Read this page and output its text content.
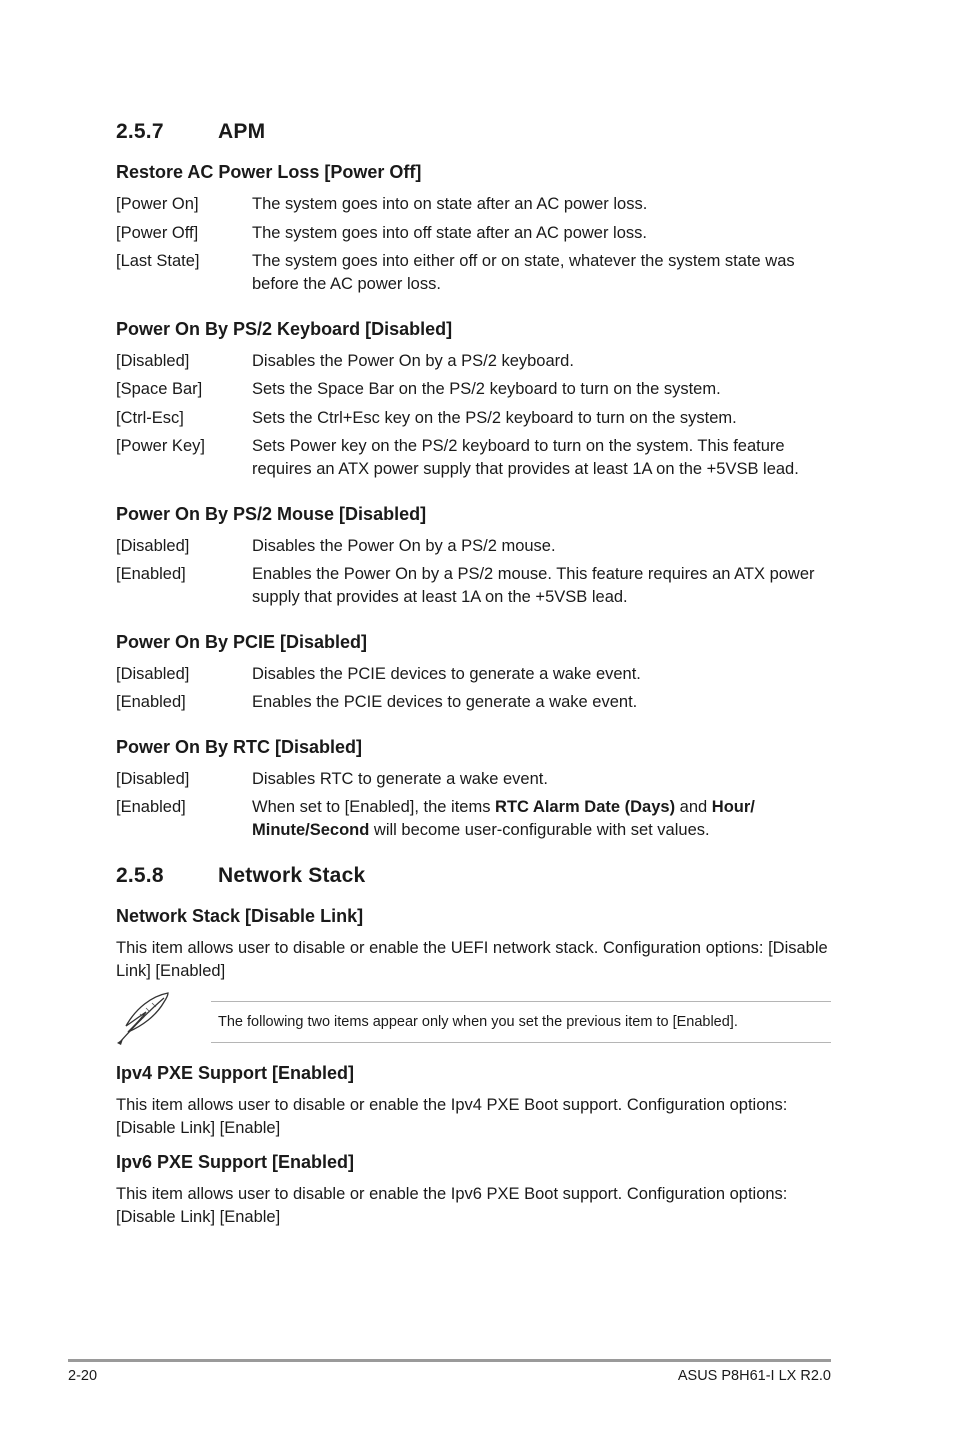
2.5.7	APM
Restore AC Power Loss [Power Off]
[Power On]	The system goes into on state after an AC power loss.
[Power Off]	The system goes into off state after an AC power loss.
[Last State]	The system goes into either off or on state, whatever the system state was before the AC power loss.
Power On By PS/2 Keyboard [Disabled]
[Disabled]	Disables the Power On by a PS/2 keyboard.
[Space Bar]	Sets the Space Bar on the PS/2 keyboard to turn on the system.
[Ctrl-Esc]	Sets the Ctrl+Esc key on the PS/2 keyboard to turn on the system.
[Power Key]	Sets Power key on the PS/2 keyboard to turn on the system. This feature requires an ATX power supply that provides at least 1A on the +5VSB lead.
Power On By PS/2 Mouse [Disabled]
[Disabled]	Disables the Power On by a PS/2 mouse.
[Enabled]	Enables the Power On by a PS/2 mouse. This feature requires an ATX power supply that provides at least 1A on the +5VSB lead.
Power On By PCIE [Disabled]
[Disabled]	Disables the PCIE devices to generate a wake event.
[Enabled]	Enables the PCIE devices to generate a wake event.
Power On By RTC [Disabled]
[Disabled]	Disables RTC to generate a wake event.
[Enabled]	When set to [Enabled], the items RTC Alarm Date (Days) and Hour/ Minute/Second will become user-configurable with set values.
2.5.8	Network Stack
Network Stack [Disable Link]
This item allows user to disable or enable the UEFI network stack. Configuration options: [Disable Link] [Enabled]
The following two items appear only when you set the previous item to [Enabled].
Ipv4 PXE Support [Enabled]
This item allows user to disable or enable the Ipv4 PXE Boot support. Configuration options: [Disable Link] [Enable]
Ipv6 PXE Support [Enabled]
This item allows user to disable or enable the Ipv6 PXE Boot support. Configuration options: [Disable Link] [Enable]
2-20	ASUS P8H61-I LX R2.0
